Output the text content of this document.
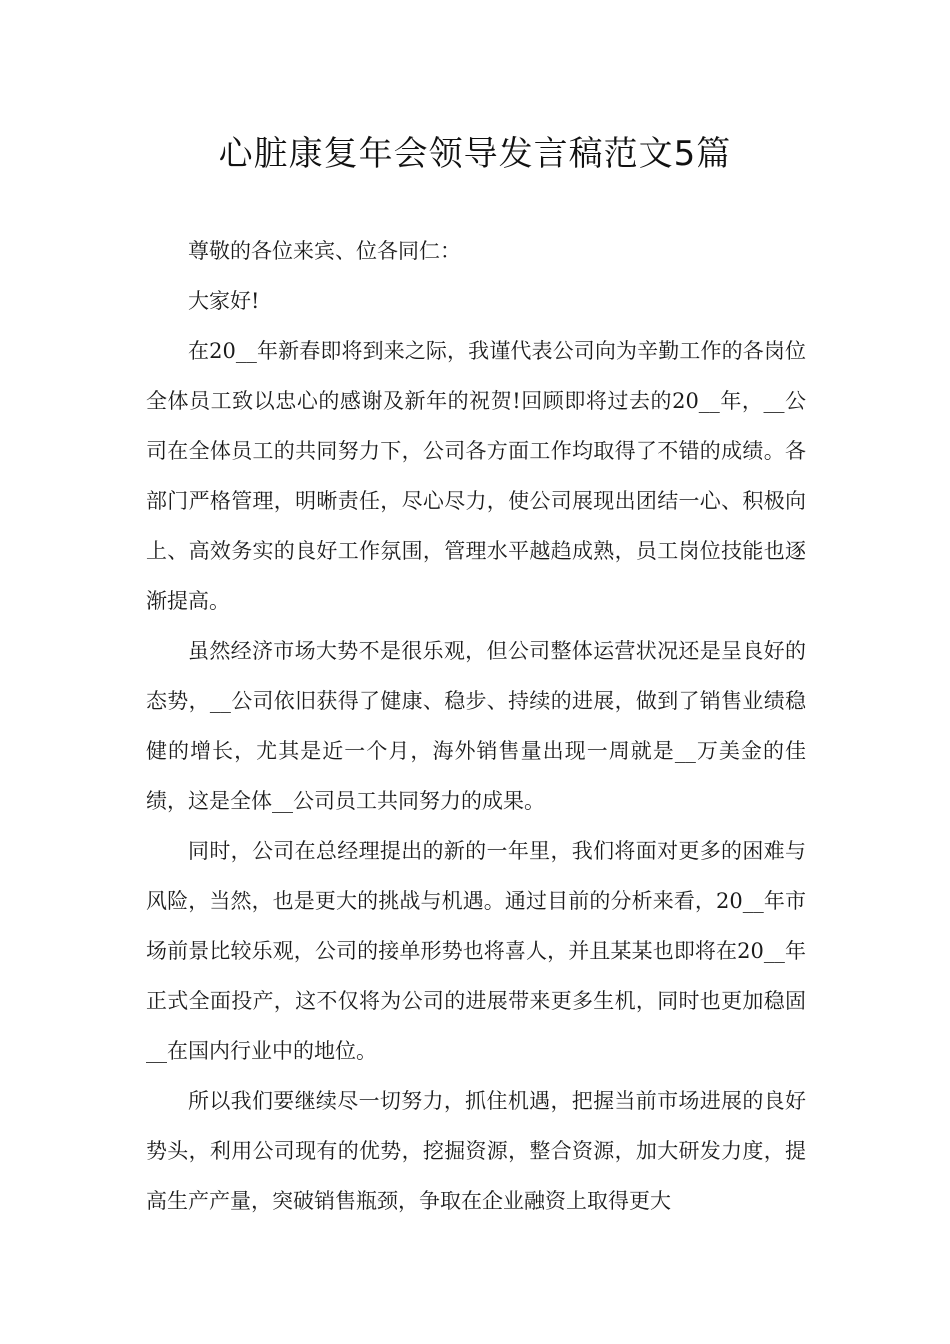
心脏康复年会领导发言稿范文5篇

尊敬的各位来宾、位各同仁：

大家好!

在20__年新春即将到来之际，我谨代表公司向为辛勤工作的各岗位全体员工致以忠心的感谢及新年的祝贺!回顾即将过去的20__年，__公司在全体员工的共同努力下，公司各方面工作均取得了不错的成绩。各部门严格管理，明晰责任，尽心尽力，使公司展现出团结一心、积极向上、高效务实的良好工作氛围，管理水平越趋成熟，员工岗位技能也逐渐提高。

虽然经济市场大势不是很乐观，但公司整体运营状况还是呈良好的态势，__公司依旧获得了健康、稳步、持续的进展，做到了销售业绩稳健的增长，尤其是近一个月，海外销售量出现一周就是__万美金的佳绩，这是全体__公司员工共同努力的成果。

同时，公司在总经理提出的新的一年里，我们将面对更多的困难与风险，当然，也是更大的挑战与机遇。通过目前的分析来看，20__年市场前景比较乐观，公司的接单形势也将喜人，并且某某也即将在20__年正式全面投产，这不仅将为公司的进展带来更多生机，同时也更加稳固__在国内行业中的地位。

所以我们要继续尽一切努力，抓住机遇，把握当前市场进展的良好势头，利用公司现有的优势，挖掘资源，整合资源，加大研发力度，提高生产产量，突破销售瓶颈，争取在企业融资上取得更大
